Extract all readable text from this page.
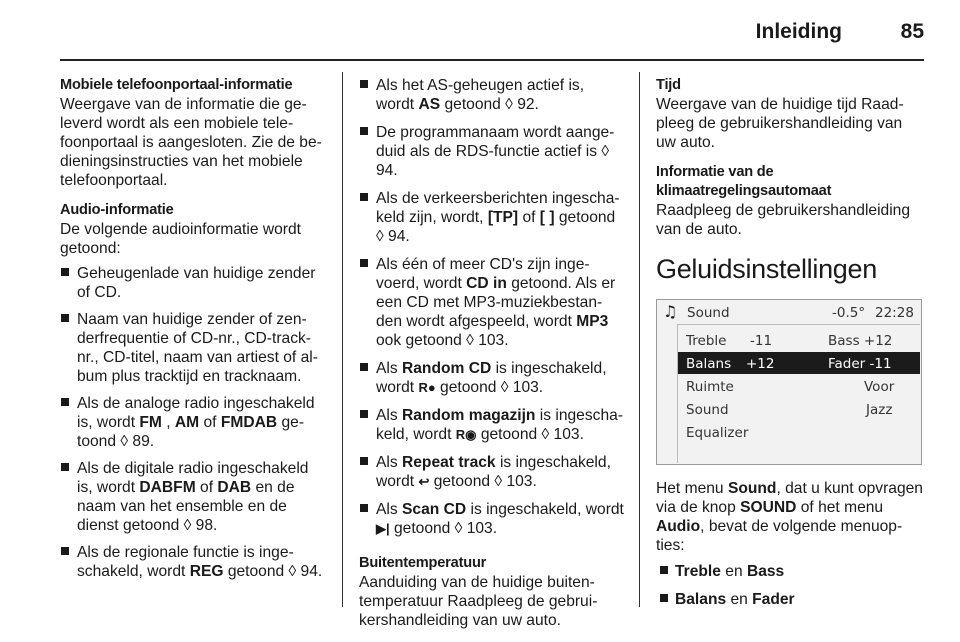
Inleiding	85

Mobiele telefoonportaal-informatie

Weergave van de informatie die ge-leverd wordt als een mobiele tele-foonportaal is aangesloten. Zie de be-dieningsinstructies van het mobiele telefoonportaal.

Audio-informatie

De volgende audioinformatie wordt getoond:

Geheugenlade van huidige zender of CD.
Naam van huidige zender of zen-derfrequentie of CD-nr., CD-track-nr., CD-titel, naam van artiest of al-bum plus tracktijd en tracknaam.
Als de analoge radio ingeschakeld is, wordt FM , AM of FMDAB ge-toond ◊ 89.
Als de digitale radio ingeschakeld is, wordt DABFM of DAB en de naam van het ensemble en de dienst getoond ◊ 98.
Als de regionale functie is inge-schakeld, wordt REG getoond ◊ 94.
Als het AS-geheugen actief is, wordt AS getoond ◊ 92.
De programmanaam wordt aange-duid als de RDS-functie actief is ◊ 94.
Als de verkeersberichten ingescha-keld zijn, wordt, [TP] of [ ] getoond ◊ 94.
Als één of meer CD's zijn inge-voerd, wordt CD in getoond. Als er een CD met MP3-muziekbestan-den wordt afgespeeld, wordt MP3 ook getoond ◊ 103.
Als Random CD is ingeschakeld, wordt R● getoond ◊ 103.
Als Random magazijn is ingescha-keld, wordt R◉ getoond ◊ 103.
Als Repeat track is ingeschakeld, wordt ↩ getoond ◊ 103.
Als Scan CD is ingeschakeld, wordt ▶| getoond ◊ 103.

Buitentemperatuur

Aanduiding van de huidige buiten-temperatuur Raadpleeg de gebrui-kershandleiding van uw auto.

Tijd

Weergave van de huidige tijd Raad-pleeg de gebruikershandleiding van uw auto.

Informatie van de klimaatregelingsautomaat

Raadpleeg de gebruikershandleiding van de auto.

Geluidsinstellingen
♫ Sound	-0.5° 22:28
Treble -11	Bass +12
Balans +12	Fader -11
Ruimte	Voor
Sound	Jazz
Equalizer

Het menu Sound, dat u kunt opvragen via de knop SOUND of het menu Audio, bevat de volgende menuop-ties:

Treble en Bass
Balans en Fader
